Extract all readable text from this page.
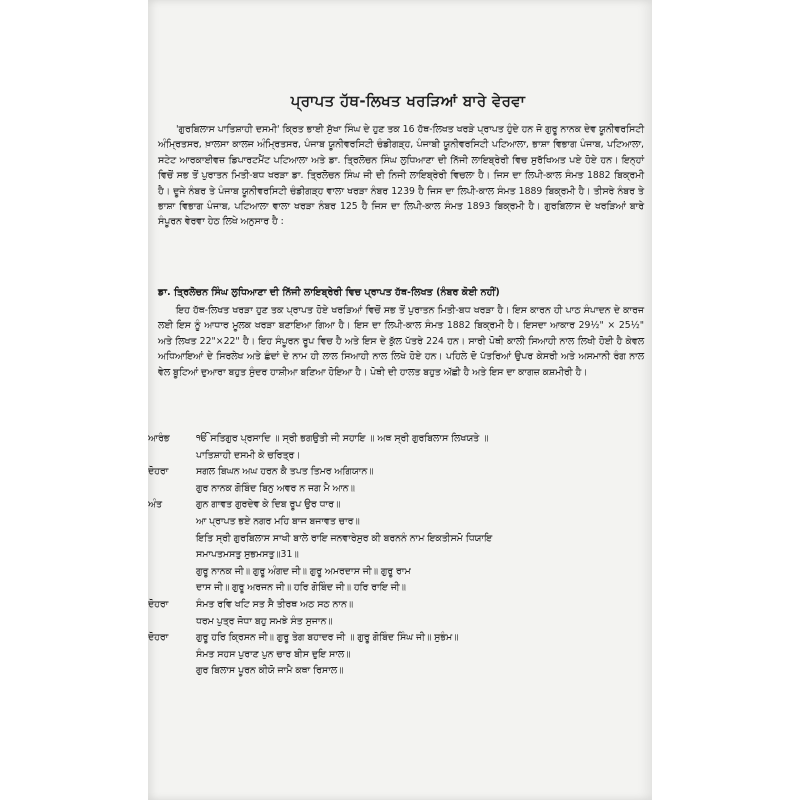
ਪ੍ਰਾਪਤ ਹੱਥ-ਲਿਖਤ ਖਰੜਿਆਂ ਬਾਰੇ ਵੇਰਵਾ
'ਗੁਰਬਿਲਾਸ ਪਾਤਿਸ਼ਾਹੀ ਦਸਮੀ' ਕ੍ਰਿਤ ਭਾਈ ਸੁੱਖਾ ਸਿੰਘ ਦੇ ਹੁਣ ਤਕ 16 ਹੱਥ-ਲਿਖਤ ਖਰੜੇ ਪ੍ਰਾਪਤ ਹੁੰਦੇ ਹਨ ਜੋ ਗੁਰੂ ਨਾਨਕ ਦੇਵ ਯੂਨੀਵਰਸਿਟੀ ਅੰਮ੍ਰਿਤਸਰ, ਖ਼ਾਲਸਾ ਕਾਲਜ ਅੰਮ੍ਰਿਤਸਰ, ਪੰਜਾਬ ਯੂਨੀਵਰਸਿਟੀ ਚੰਡੀਗੜ੍ਹ, ਪੰਜਾਬੀ ਯੂਨੀਵਰਸਿਟੀ ਪਟਿਆਲਾ, ਭਾਸ਼ਾ ਵਿਭਾਗ ਪੰਜਾਬ, ਪਟਿਆਲਾ, ਸਟੇਟ ਆਰਕਾਈਵਜ਼ ਡਿਪਾਰਟਮੈਂਟ ਪਟਿਆਲਾ ਅਤੇ ਡਾ. ਤ੍ਰਿਲੋਚਨ ਸਿੰਘ ਲੁਧਿਆਣਾ ਦੀ ਨਿੱਜੀ ਲਾਇਬ੍ਰੇਰੀ ਵਿਚ ਸੁਰੱਖਿਅਤ ਪਏ ਹੋਏ ਹਨ। ਇਨ੍ਹਾਂ ਵਿਚੋਂ ਸਭ ਤੋਂ ਪੁਰਾਤਨ ਮਿਤੀ-ਬਧ ਖਰੜਾ ਡਾ. ਤ੍ਰਿਲੋਚਨ ਸਿੰਘ ਜੀ ਦੀ ਨਿਜੀ ਲਾਇਬ੍ਰੇਰੀ ਵਿਚਲਾ ਹੈ। ਜਿਸ ਦਾ ਲਿਪੀ-ਕਾਲ ਸੰਮਤ 1882 ਬਿਕ੍ਰਮੀ ਹੈ। ਦੂਜੇ ਨੰਬਰ ਤੇ ਪੰਜਾਬ ਯੂਨੀਵਰਸਿਟੀ ਚੰਡੀਗੜ੍ਹ ਵਾਲਾ ਖਰੜਾ ਨੰਬਰ 1239 ਹੈ ਜਿਸ ਦਾ ਲਿਪੀ-ਕਾਲ ਸੰਮਤ 1889 ਬਿਕ੍ਰਮੀ ਹੈ। ਤੀਸਰੇ ਨੰਬਰ ਤੇ ਭਾਸ਼ਾ ਵਿਭਾਗ ਪੰਜਾਬ, ਪਟਿਆਲਾ ਵਾਲਾ ਖਰੜਾ ਨੰਬਰ 125 ਹੈ ਜਿਸ ਦਾ ਲਿਪੀ-ਕਾਲ ਸੰਮਤ 1893 ਬਿਕ੍ਰਮੀ ਹੈ। ਗੁਰਬਿਲਾਸ ਦੇ ਖਰੜਿਆਂ ਬਾਰੇ ਸੰਪੂਰਨ ਵੇਰਵਾ ਹੇਠ ਲਿਖੇ ਅਨੁਸਾਰ ਹੈ :
ਡਾ. ਤ੍ਰਿਲੋਚਨ ਸਿੰਘ ਲੁਧਿਆਣਾ ਦੀ ਨਿੱਜੀ ਲਾਇਬ੍ਰੇਰੀ ਵਿਚ ਪ੍ਰਾਪਤ ਹੱਥ-ਲਿਖਤ (ਨੰਬਰ ਕੋਈ ਨਹੀਂ)
ਇਹ ਹੱਥ-ਲਿਖਤ ਖਰੜਾ ਹੁਣ ਤਕ ਪ੍ਰਾਪਤ ਹੋਏ ਖਰੜਿਆਂ ਵਿਚੋਂ ਸਭ ਤੋਂ ਪੁਰਾਤਨ ਮਿਤੀ-ਬਧ ਖਰੜਾ ਹੈ। ਇਸ ਕਾਰਨ ਹੀ ਪਾਠ ਸੰਪਾਦਨ ਦੇ ਕਾਰਜ ਲਈ ਇਸ ਨੂੰ ਆਧਾਰ ਮੂਲਕ ਖਰੜਾ ਬਣਾਇਆ ਗਿਆ ਹੈ। ਇਸ ਦਾ ਲਿਪੀ-ਕਾਲ ਸੰਮਤ 1882 ਬਿਕ੍ਰਮੀ ਹੈ। ਇਸਦਾ ਆਕਾਰ 29½" × 25½" ਅਤੇ ਲਿਖਤ 22"×22" ਹੈ। ਇਹ ਸੰਪੂਰਨ ਰੂਪ ਵਿਚ ਹੈ ਅਤੇ ਇਸ ਦੇ ਕੁੱਲ ਪੱਤਰੇ 224 ਹਨ। ਸਾਰੀ ਪੋਥੀ ਕਾਲੀ ਸਿਆਹੀ ਨਾਲ ਲਿਖੀ ਹੋਈ ਹੈ ਕੇਵਲ ਅਧਿਆਇਆਂ ਦੇ ਸਿਰਲੇਖ ਅਤੇ ਛੰਦਾਂ ਦੇ ਨਾਮ ਹੀ ਲਾਲ ਸਿਆਹੀ ਨਾਲ ਲਿਖੇ ਹੋਏ ਹਨ। ਪਹਿਲੇ ਦੋ ਪੱਤਰਿਆਂ ਉਪਰ ਕੇਸਰੀ ਅਤੇ ਅਸਮਾਨੀ ਰੰਗ ਨਾਲ ਵੇਲ ਬੂਟਿਆਂ ਦੁਆਰਾ ਬਹੁਤ ਸੁੰਦਰ ਹਾਸ਼ੀਆ ਬਣਿਆ ਹੋਇਆ ਹੈ। ਪੋਥੀ ਦੀ ਹਾਲਤ ਬਹੁਤ ਅੱਛੀ ਹੈ ਅਤੇ ਇਸ ਦਾ ਕਾਗਜ਼ ਕਸ਼ਮੀਰੀ ਹੈ।
ਆਰੰਭ	ੴ ਸਤਿਗੁਰ ਪ੍ਰਸਾਦਿ ॥ ਸ੍ਰੀ ਭਗਉਤੀ ਜੀ ਸਹਾਇ ॥ ਅਥ ਸ੍ਰੀ ਗੁਰਬਿਲਾਸ ਲਿਖਯਤੇ ॥
ਪਾਤਿਸ਼ਾਹੀ ਦਸਮੀ ਕੇ ਚਰਿਤ੍ਰ।
ਦੋਹਰਾ	ਸਗਲ ਬਿਘਨ ਅਘ ਹਰਨ ਕੈ ਤਪਤ ਤਿਮਰ ਅਗਿਯਾਨ॥
ਗੁਰ ਨਾਨਕ ਗੋਬਿੰਦ ਬਿਨੁ ਅਵਰ ਨ ਜਗ ਮੈ ਆਨ॥
ਅੰਤ	ਗੁਨ ਗਾਵਤ ਗੁਰਦੇਵ ਕੇ ਦਿਬ ਰੂਪ ਉਰ ਧਾਰ॥
ਆ ਪ੍ਰਾਪਤ ਭਏ ਨਗਰ ਮਹਿ ਬਾਜ ਬਜਾਵਤ ਚਾਰ॥
ਇਤਿ ਸ੍ਰੀ ਗੁਰਬਿਲਾਸ ਸਾਖੀ ਬਾਲੇ ਰਾਇ ਜਨਵਾਰੇਸੁਰ ਕੀ ਬਰਨਨੰ ਨਾਮ ਇਕਤੀਸਮੋ ਧਿਯਾਇ
ਸਮਾਪਤਮਸਤੁ ਸੁਭਮਸਤੁ॥31॥
ਗੁਰੂ ਨਾਨਕ ਜੀ॥ ਗੁਰੂ ਅੰਗਦ ਜੀ॥ ਗੁਰੂ ਅਮਰਦਾਸ ਜੀ॥ ਗੁਰੂ ਰਾਮ
ਦਾਸ ਜੀ॥ ਗੁਰੂ ਅਰਜਨ ਜੀ॥ ਹਰਿ ਗੋਬਿੰਦ ਜੀ॥ ਹਰਿ ਰਾਇ ਜੀ॥
ਦੋਹਰਾ	ਸੰਮਤ ਰਵਿ ਖਟਿ ਸਤ ਸੈ ਤੀਰਥ ਅਠ ਸਠ ਨਾਨ॥
ਧਰਮ ਪੁਤ੍ਰ ਜੋਧਾ ਬਹੁ ਸਮਝੇ ਸੰਤ ਸੁਜਾਨ॥
ਦੋਹਰਾ	ਗੁਰੂ ਹਰਿ ਕ੍ਰਿਸਨ ਜੀ॥ ਗੁਰੂ ਤੇਗ ਬਹਾਦਰ ਜੀ ॥ ਗੁਰੂ ਗੋਬਿੰਦ ਸਿੰਘ ਜੀ॥ ਸੁਭੰਮ॥
ਸੰਮਤ ਸਹਸ ਪੁਰਾਣ ਪੁਨ ਚਾਰ ਬੀਸ ਦੁਇ ਸਾਲ॥
ਗੁਰ ਬਿਲਾਸ ਪੂਰਨ ਕੀਯੋ ਜਾਮੈ ਕਥਾ ਰਿਸਾਲ॥
